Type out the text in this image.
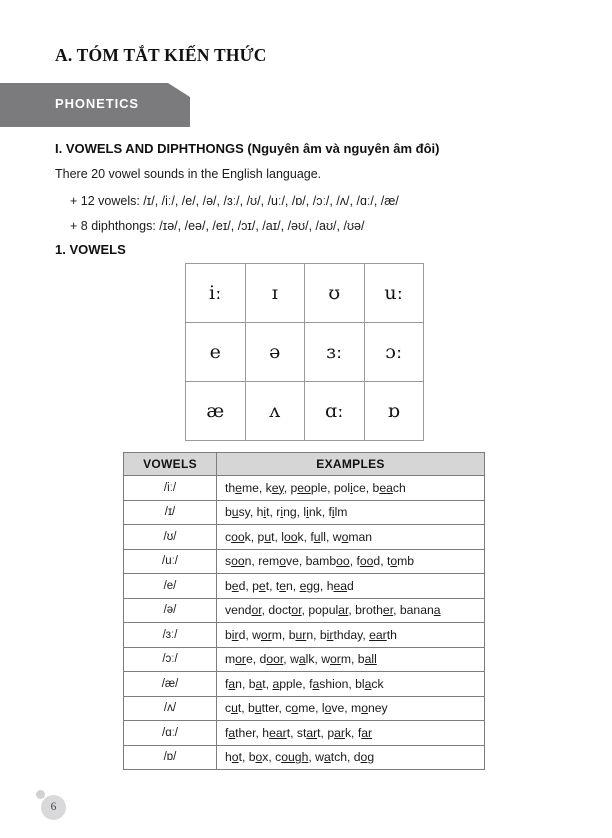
A. TÓM TẮT KIẾN THỨC
PHONETICS
I. VOWELS AND DIPHTHONGS (Nguyên âm và nguyên âm đôi)
There 20 vowel sounds in the English language.
+ 12 vowels: /ɪ/, /iː/, /e/, /ə/, /ɜː/, /ʊ/, /uː/, /ɒ/, /ɔː/, /ʌ/, /ɑː/, /æ/
+ 8 diphthongs: /ɪə/, /eə/, /eɪ/, /ɔɪ/, /aɪ/, /əʊ/, /aʊ/, /ʊə/
1. VOWELS
iː	ɪ	ʊ	uː
e	ə	ɜː	ɔː
æ	ʌ	ɑː	ɒ
VOWELS	EXAMPLES
/iː/	theme, key, people, police, beach
/ɪ/	busy, hit, ring, link, film
/ʊ/	cook, put, look, full, woman
/uː/	soon, remove, bamboo, food, tomb
/e/	bed, pet, ten, egg, head
/ə/	vendor, doctor, popular, brother, banana
/ɜː/	bird, worm, burn, birthday, earth
/ɔː/	more, door, walk, worm, ball
/æ/	fan, bat, apple, fashion, black
/ʌ/	cut, butter, come, love, money
/ɑː/	father, heart, start, park, far
/ɒ/	hot, box, cough, watch, dog
6
